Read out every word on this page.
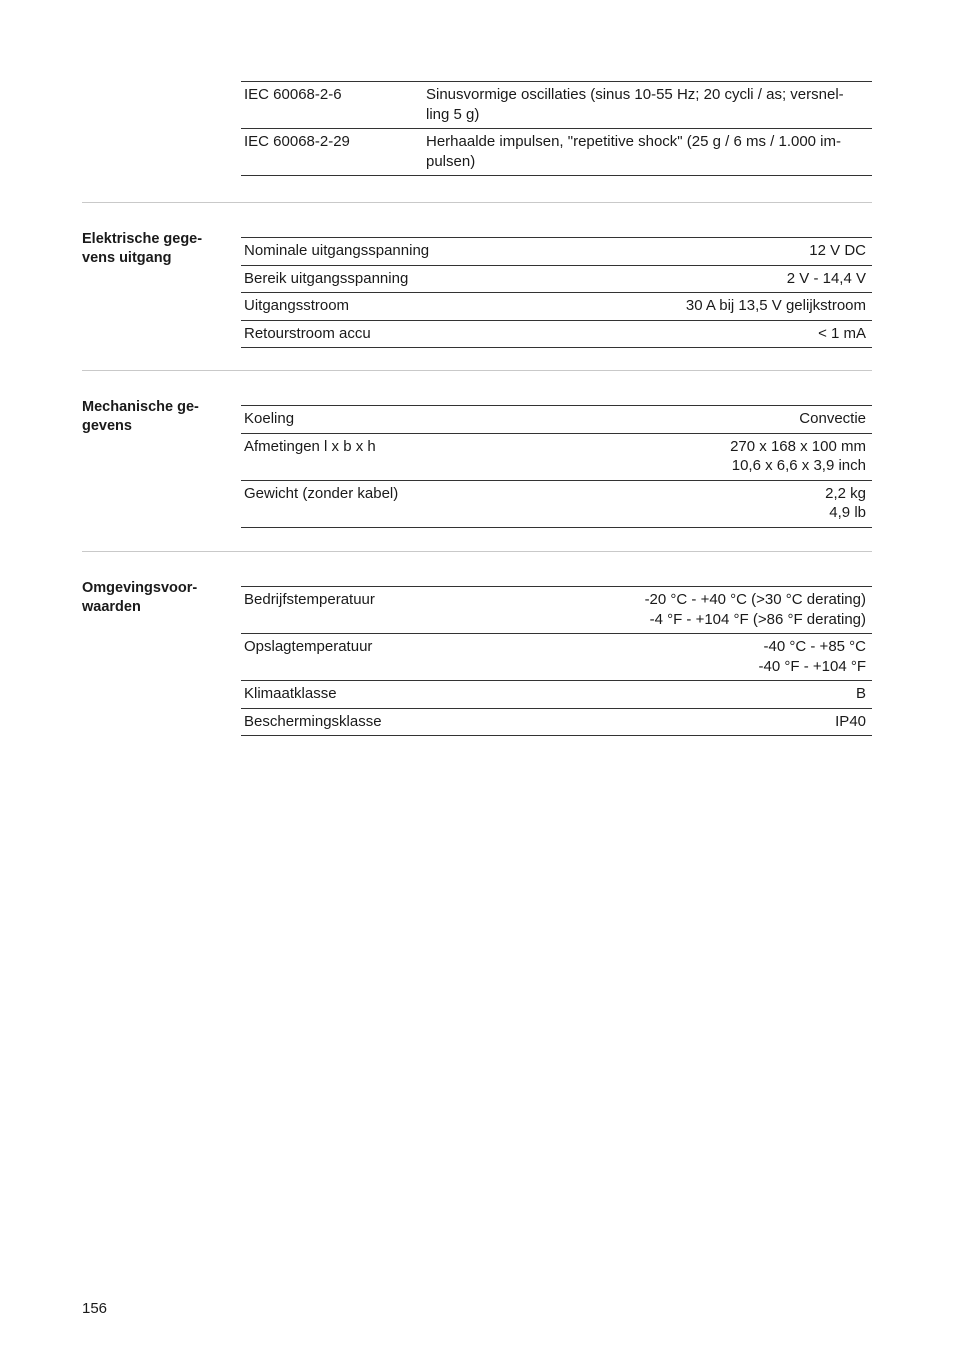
IEC 60068-2-6	Sinusvormige oscillaties (sinus 10-55 Hz; 20 cycli / as; versnel-
ling 5 g)
IEC 60068-2-29	Herhaalde impulsen, "repetitive shock" (25 g / 6 ms / 1.000 im-
pulsen)
Elektrische gege-
vens uitgang	Nominale uitgangsspanning	12 V DC
Bereik uitgangsspanning	2 V - 14,4 V
Uitgangsstroom	30 A bij 13,5 V gelijkstroom
Retourstroom accu	< 1 mA
Mechanische ge-
gevens	Koeling	Convectie
Afmetingen l x b x h	270 x 168 x 100 mm
10,6 x 6,6 x 3,9 inch
Gewicht (zonder kabel)	2,2 kg
4,9 lb
Omgevingsvoor-
waarden	Bedrijfstemperatuur	-20 °C - +40 °C (>30 °C derating)
-4 °F - +104 °F (>86 °F derating)
Opslagtemperatuur	-40 °C - +85 °C
-40 °F - +104 °F
Klimaatklasse	B
Beschermingsklasse	IP40
156
